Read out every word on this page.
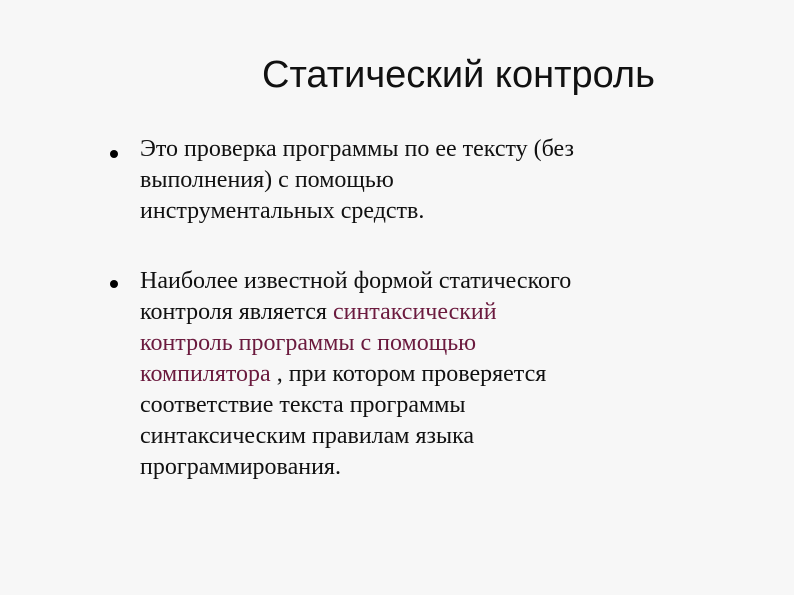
Статический контроль
Это проверка программы по ее тексту (без
выполнения) с помощью
инструментальных средств.
Наиболее известной формой статического
контроля является синтаксический
контроль программы с помощью
компилятора , при котором проверяется
соответствие текста программы
синтаксическим правилам языка
программирования.
